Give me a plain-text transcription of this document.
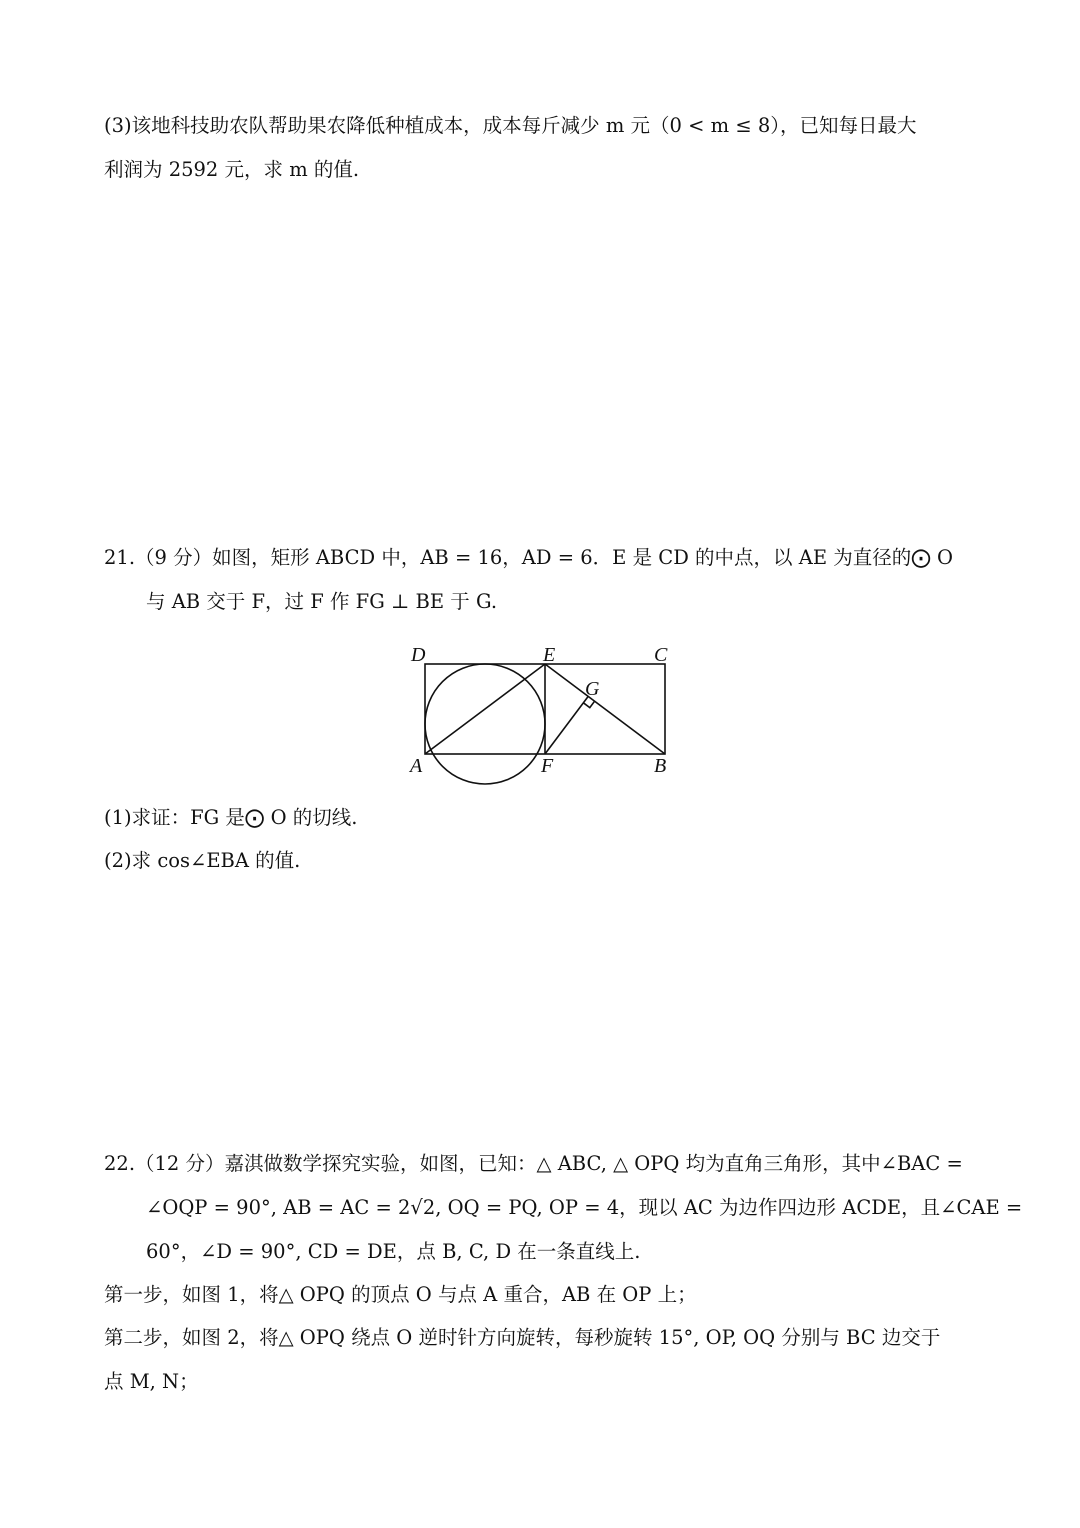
(3)该地科技助农队帮助果农降低种植成本，成本每斤减少 m 元（0 < m ≤ 8），已知每日最大
利润为 2592 元，求 m 的值.
21.（9 分）如图，矩形 ABCD 中，AB = 16，AD = 6．E 是 CD 的中点，以 AE 为直径的⨀ O
与 AB 交于 F，过 F 作 FG ⊥ BE 于 G.
D	E	C
G
A	F	B
(1)求证：FG 是⨀ O 的切线.
(2)求 cos∠EBA 的值.
22.（12 分）嘉淇做数学探究实验，如图，已知：△ ABC, △ OPQ 均为直角三角形，其中∠BAC =
∠OQP = 90°, AB = AC = 2√2, OQ = PQ, OP = 4，现以 AC 为边作四边形 ACDE，且∠CAE =
60°，∠D = 90°, CD = DE，点 B, C, D 在一条直线上.
第一步，如图 1，将△ OPQ 的顶点 O 与点 A 重合，AB 在 OP 上；
第二步，如图 2，将△ OPQ 绕点 O 逆时针方向旋转，每秒旋转 15°, OP, OQ 分别与 BC 边交于
点 M, N；
